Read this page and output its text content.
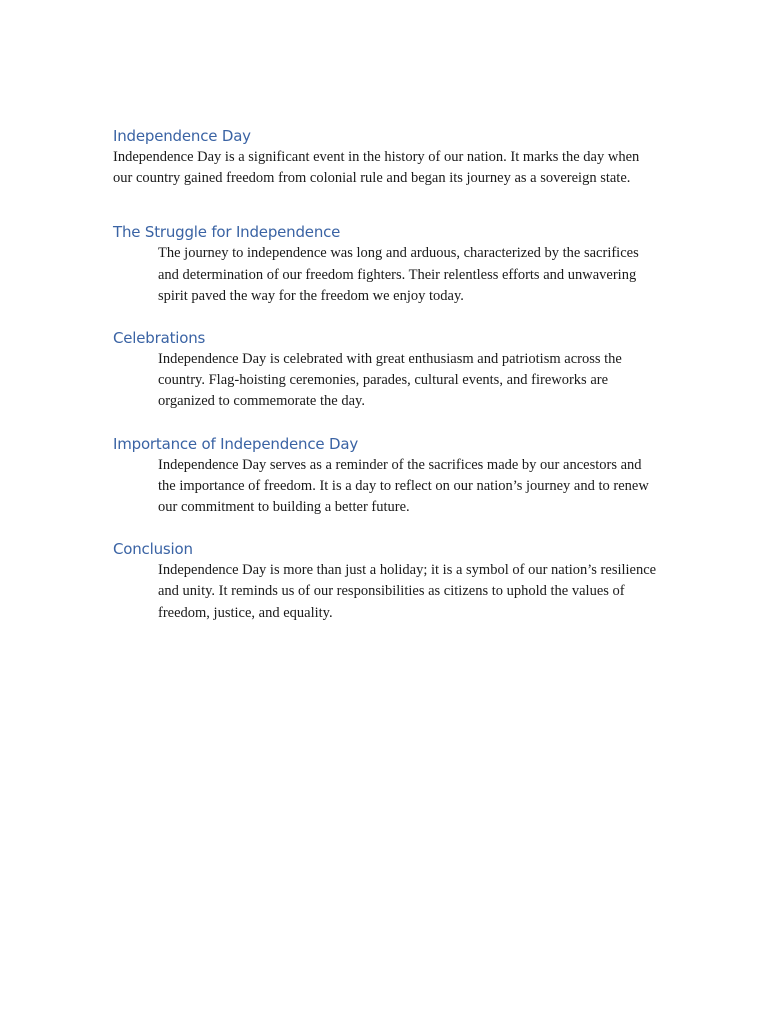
Independence Day

Independence Day is a significant event in the history of our nation. It marks the day when our country gained freedom from colonial rule and began its journey as a sovereign state.

The Struggle for Independence

The journey to independence was long and arduous, characterized by the sacrifices and determination of our freedom fighters. Their relentless efforts and unwavering spirit paved the way for the freedom we enjoy today.

Celebrations

Independence Day is celebrated with great enthusiasm and patriotism across the country. Flag-hoisting ceremonies, parades, cultural events, and fireworks are organized to commemorate the day.

Importance of Independence Day

Independence Day serves as a reminder of the sacrifices made by our ancestors and the importance of freedom. It is a day to reflect on our nation’s journey and to renew our commitment to building a better future.

Conclusion

Independence Day is more than just a holiday; it is a symbol of our nation’s resilience and unity. It reminds us of our responsibilities as citizens to uphold the values of freedom, justice, and equality.
